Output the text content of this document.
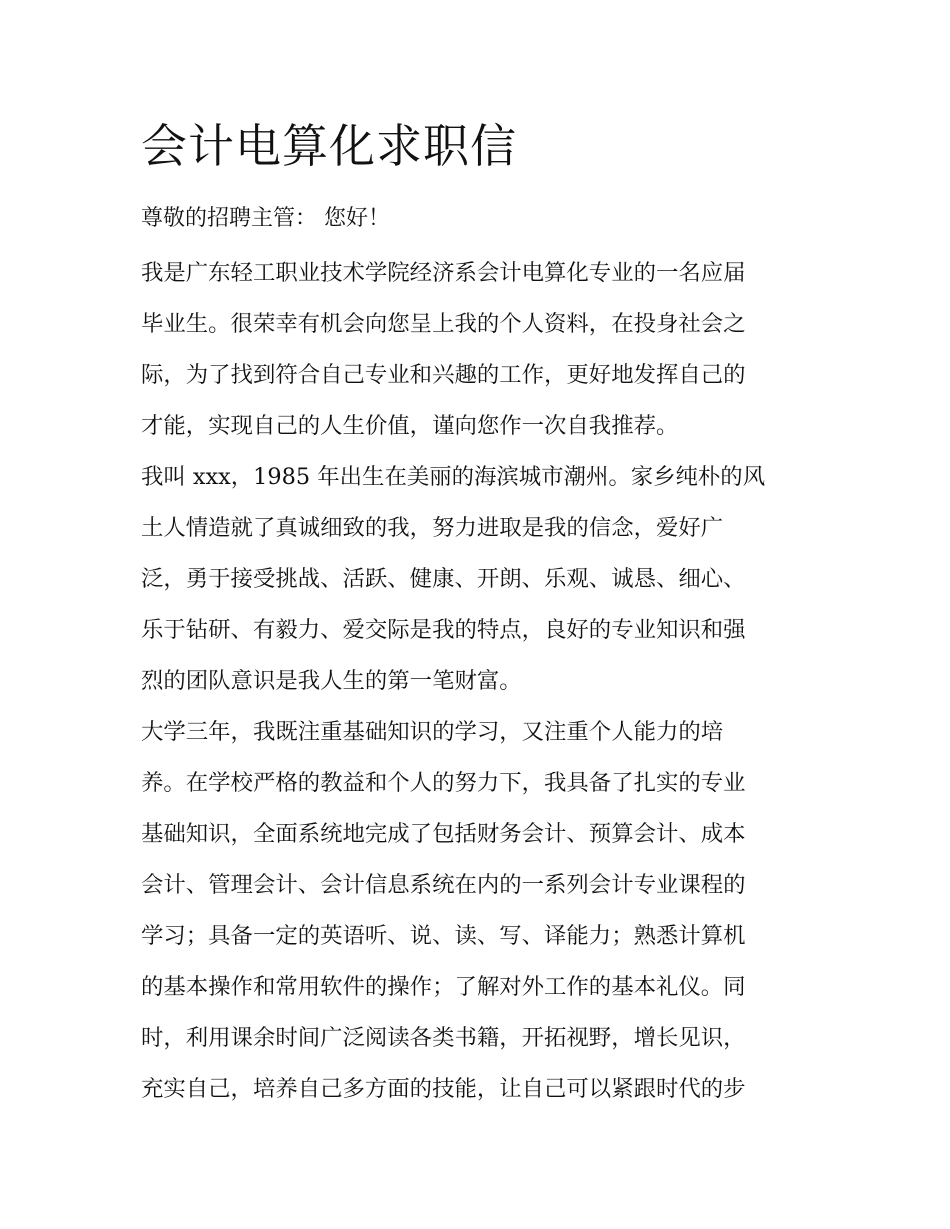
会计电算化求职信

尊敬的招聘主管： 您好！

我是广东轻工职业技术学院经济系会计电算化专业的一名应届

毕业生。很荣幸有机会向您呈上我的个人资料，在投身社会之

际，为了找到符合自己专业和兴趣的工作，更好地发挥自己的

才能，实现自己的人生价值，谨向您作一次自我推荐。

我叫 xxx，1985 年出生在美丽的海滨城市潮州。家乡纯朴的风

土人情造就了真诚细致的我，努力进取是我的信念，爱好广

泛，勇于接受挑战、活跃、健康、开朗、乐观、诚恳、细心、

乐于钻研、有毅力、爱交际是我的特点，良好的专业知识和强

烈的团队意识是我人生的第一笔财富。

大学三年，我既注重基础知识的学习，又注重个人能力的培

养。在学校严格的教益和个人的努力下，我具备了扎实的专业

基础知识，全面系统地完成了包括财务会计、预算会计、成本

会计、管理会计、会计信息系统在内的一系列会计专业课程的

学习；具备一定的英语听、说、读、写、译能力；熟悉计算机

的基本操作和常用软件的操作；了解对外工作的基本礼仪。同

时，利用课余时间广泛阅读各类书籍，开拓视野，增长见识，

充实自己，培养自己多方面的技能，让自己可以紧跟时代的步
